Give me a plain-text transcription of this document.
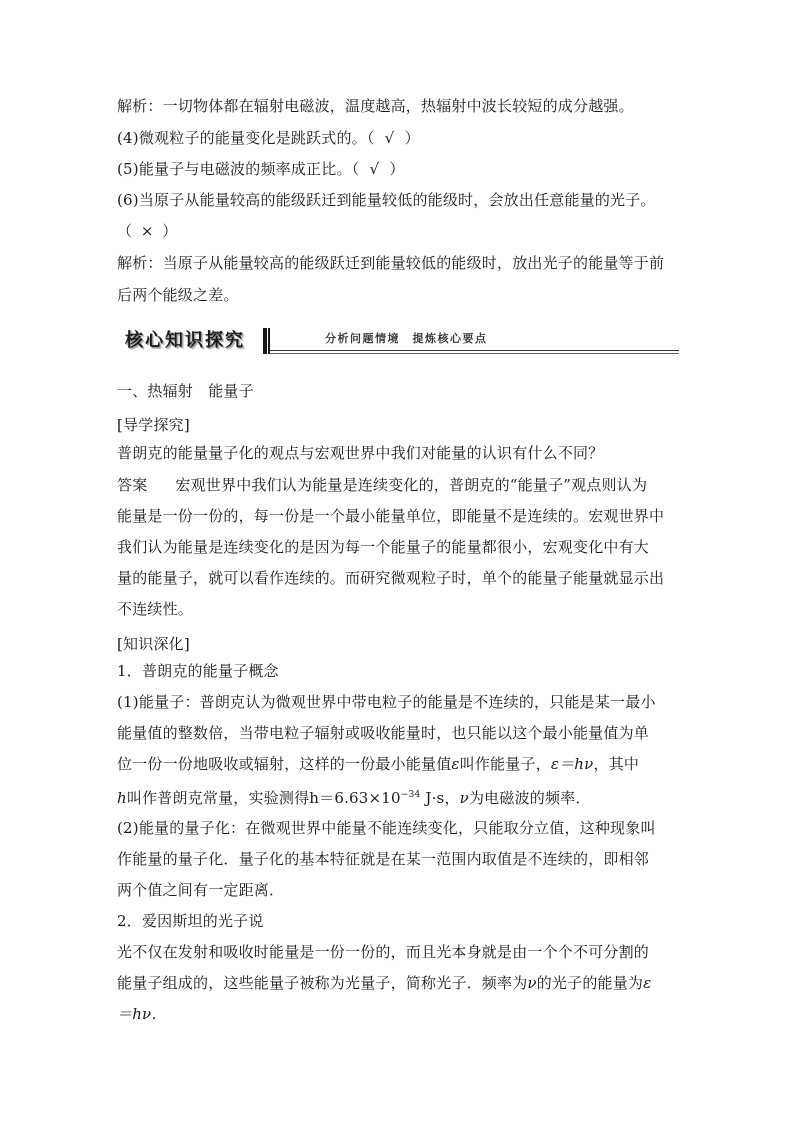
解析：一切物体都在辐射电磁波，温度越高，热辐射中波长较短的成分越强。
(4)微观粒子的能量变化是跳跃式的。（ √ ）
(5)能量子与电磁波的频率成正比。（ √ ）
(6)当原子从能量较高的能级跃迁到能量较低的能级时，会放出任意能量的光子。
（ × ）
解析：当原子从能量较高的能级跃迁到能量较低的能级时，放出光子的能量等于前
后两个能级之差。
核心知识探究	分析问题情境　提炼核心要点
一、热辐射　能量子
[导学探究]
普朗克的能量量子化的观点与宏观世界中我们对能量的认识有什么不同？
答案 宏观世界中我们认为能量是连续变化的，普朗克的“能量子”观点则认为
能量是一份一份的，每一份是一个最小能量单位，即能量不是连续的。宏观世界中
我们认为能量是连续变化的是因为每一个能量子的能量都很小，宏观变化中有大
量的能量子，就可以看作连续的。而研究微观粒子时，单个的能量子能量就显示出
不连续性。
[知识深化]
1．普朗克的能量子概念
(1)能量子：普朗克认为微观世界中带电粒子的能量是不连续的，只能是某一最小
能量值的整数倍，当带电粒子辐射或吸收能量时，也只能以这个最小能量值为单
位一份一份地吸收或辐射，这样的一份最小能量值ε叫作能量子，ε＝hν，其中
h叫作普朗克常量，实验测得$h=6.63\times 10^{-34}$ J·s，ν为电磁波的频率．
(2)能量的量子化：在微观世界中能量不能连续变化，只能取分立值，这种现象叫
作能量的量子化．量子化的基本特征就是在某一范围内取值是不连续的，即相邻
两个值之间有一定距离．
2．爱因斯坦的光子说
光不仅在发射和吸收时能量是一份一份的，而且光本身就是由一个个不可分割的
能量子组成的，这些能量子被称为光量子，简称光子．频率为ν的光子的能量为ε
＝hν．
